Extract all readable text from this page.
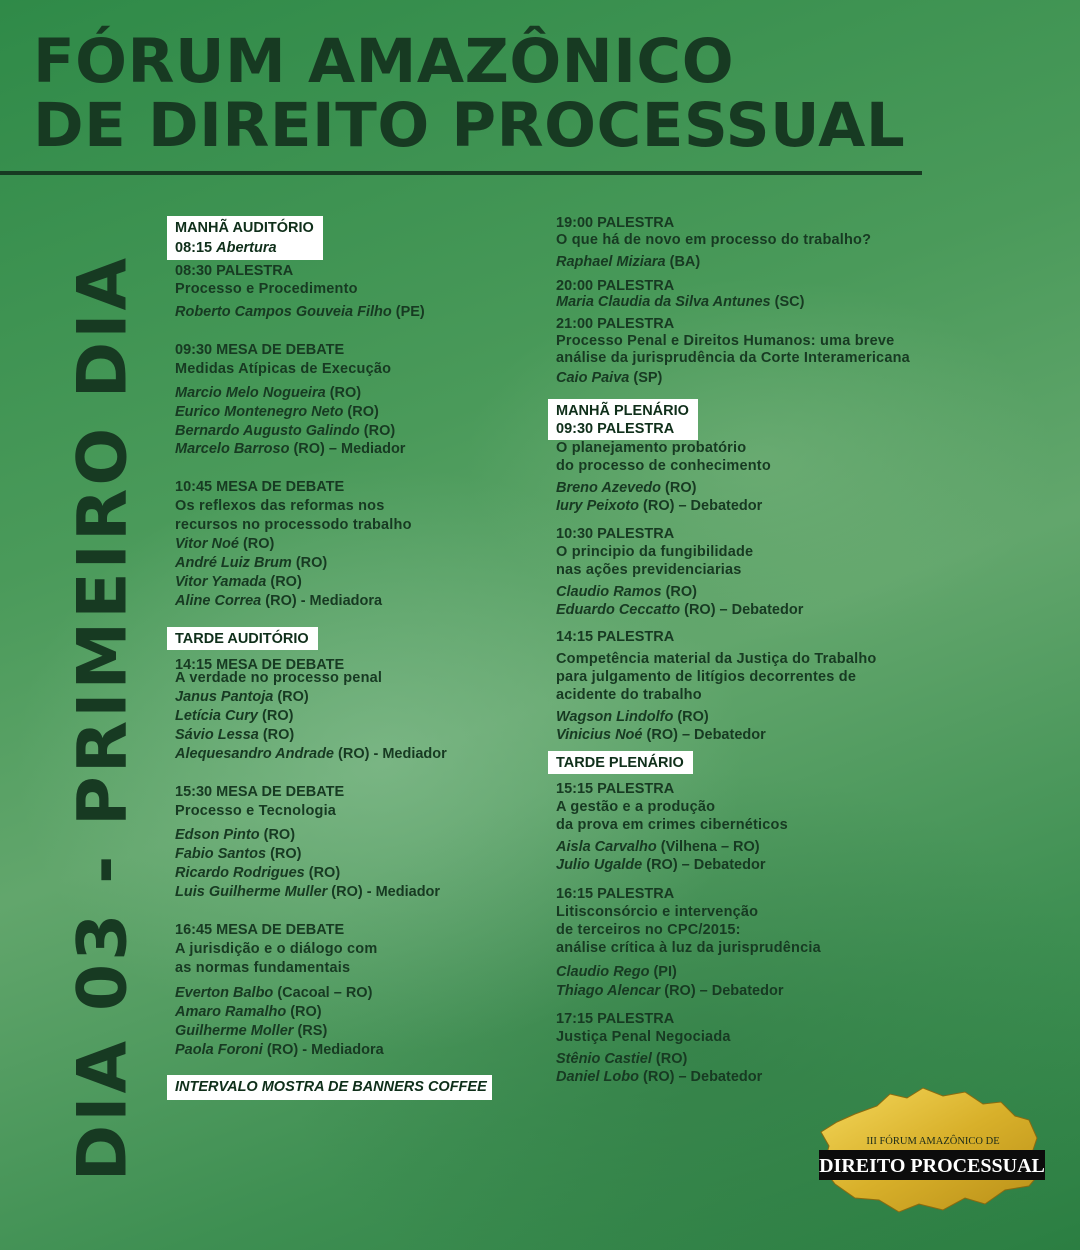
FÓRUM AMAZÔNICO
DE DIREITO PROCESSUAL
DIA 03 - PRIMEIRO DIA
MANHÃ AUDITÓRIO
08:15 Abertura
08:30 PALESTRA
Processo e Procedimento
Roberto Campos Gouveia Filho (PE)
09:30 MESA DE DEBATE
Medidas Atípicas de Execução
Marcio Melo Nogueira (RO)
Eurico Montenegro Neto (RO)
Bernardo Augusto Galindo (RO)
Marcelo Barroso (RO) – Mediador
10:45 MESA DE DEBATE
Os reflexos das reformas nos
recursos no processodo trabalho
Vitor Noé (RO)
André Luiz Brum (RO)
Vitor Yamada (RO)
Aline Correa (RO) - Mediadora
TARDE AUDITÓRIO
14:15 MESA DE DEBATE
A verdade no processo penal
Janus Pantoja (RO)
Letícia Cury (RO)
Sávio Lessa (RO)
Alequesandro Andrade (RO) - Mediador
15:30 MESA DE DEBATE
Processo e Tecnologia
Edson Pinto (RO)
Fabio Santos (RO)
Ricardo Rodrigues (RO)
Luis Guilherme Muller (RO) - Mediador
16:45 MESA DE DEBATE
A jurisdição e o diálogo com
as normas fundamentais
Everton Balbo (Cacoal – RO)
Amaro Ramalho (RO)
Guilherme Moller (RS)
Paola Foroni (RO) - Mediadora
INTERVALO MOSTRA DE BANNERS COFFEE
19:00 PALESTRA
O que há de novo em processo do trabalho?
Raphael Miziara (BA)
20:00 PALESTRA
Maria Claudia da Silva Antunes (SC)
21:00 PALESTRA
Processo Penal e Direitos Humanos: uma breve
análise da jurisprudência da Corte Interamericana
Caio Paiva (SP)
MANHÃ PLENÁRIO
09:30 PALESTRA
O planejamento probatório
do processo de conhecimento
Breno Azevedo (RO)
Iury Peixoto (RO) – Debatedor
10:30 PALESTRA
O principio da fungibilidade
nas ações previdenciarias
Claudio Ramos (RO)
Eduardo Ceccatto (RO) – Debatedor
14:15 PALESTRA
Competência material da Justiça do Trabalho
para julgamento de litígios decorrentes de
acidente do trabalho
Wagson Lindolfo (RO)
Vinicius Noé (RO) – Debatedor
TARDE PLENÁRIO
15:15 PALESTRA
A gestão e a produção
da prova em crimes cibernéticos
Aisla Carvalho (Vilhena – RO)
Julio Ugalde (RO) – Debatedor
16:15 PALESTRA
Litisconsórcio e intervenção
de terceiros no CPC/2015:
análise crítica à luz da jurisprudência
Claudio Rego (PI)
Thiago Alencar (RO) – Debatedor
17:15 PALESTRA
Justiça Penal Negociada
Stênio Castiel (RO)
Daniel Lobo (RO) – Debatedor
III FÓRUM AMAZÔNICO DE
DIREITO PROCESSUAL
